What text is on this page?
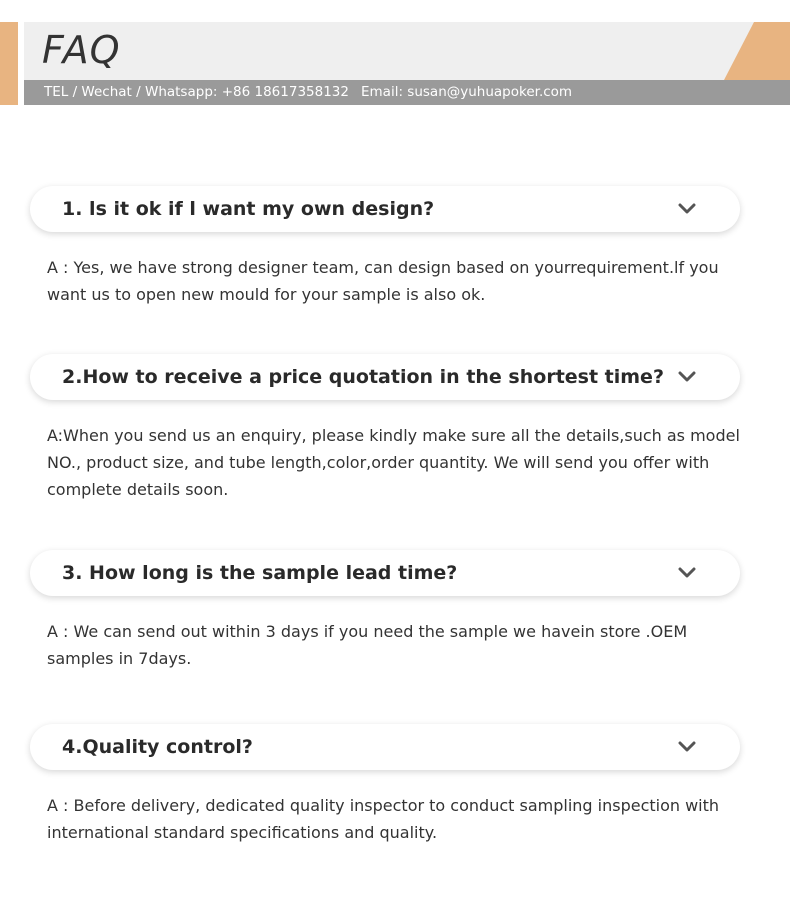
FAQ
TEL / Wechat / Whatsapp: +86 18617358132 Email: susan@yuhuapoker.com
1. ls it ok if l want my own design?

A : Yes, we have strong designer team, can design based on yourrequirement.lf you want us to open new mould for your sample is also ok.

2.How to receive a price quotation in the shortest time?

A:When you send us an enquiry, please kindly make sure all the details,such as model NO., product size, and tube length,color,order quantity. We will send you offer with complete details soon.

3. How long is the sample lead time?

A : We can send out within 3 days if you need the sample we havein store .OEM samples in 7days.

4.Quality control?

A : Before delivery, dedicated quality inspector to conduct sampling inspection with international standard specifications and quality.
